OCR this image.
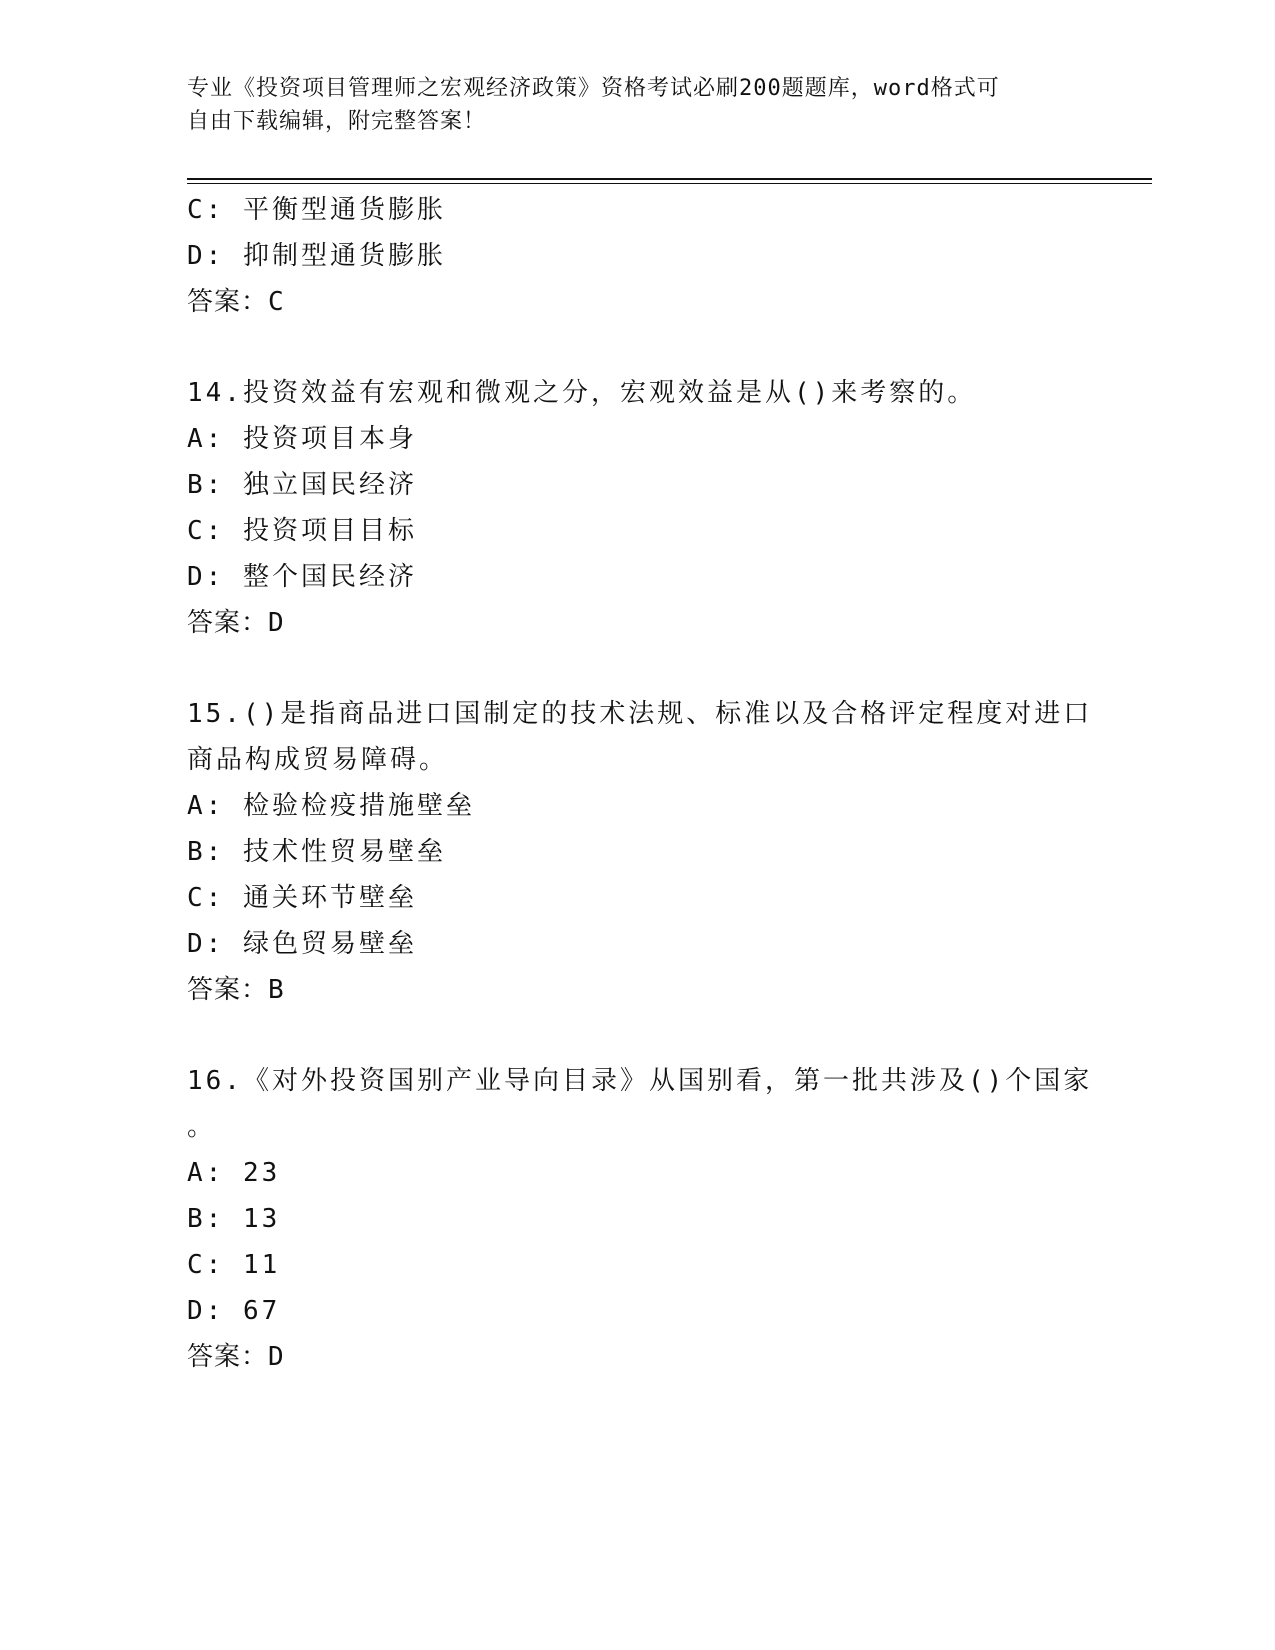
专业《投资项目管理师之宏观经济政策》资格考试必刷200题题库，word格式可
自由下载编辑，附完整答案！
C: 平衡型通货膨胀
D: 抑制型通货膨胀
答案：C
14.投资效益有宏观和微观之分，宏观效益是从()来考察的。
A: 投资项目本身
B: 独立国民经济
C: 投资项目目标
D: 整个国民经济
答案：D
15.()是指商品进口国制定的技术法规、标准以及合格评定程度对进口
商品构成贸易障碍。
A: 检验检疫措施壁垒
B: 技术性贸易壁垒
C: 通关环节壁垒
D: 绿色贸易壁垒
答案：B
16.《对外投资国别产业导向目录》从国别看，第一批共涉及()个国家
。
A: 23
B: 13
C: 11
D: 67
答案：D
